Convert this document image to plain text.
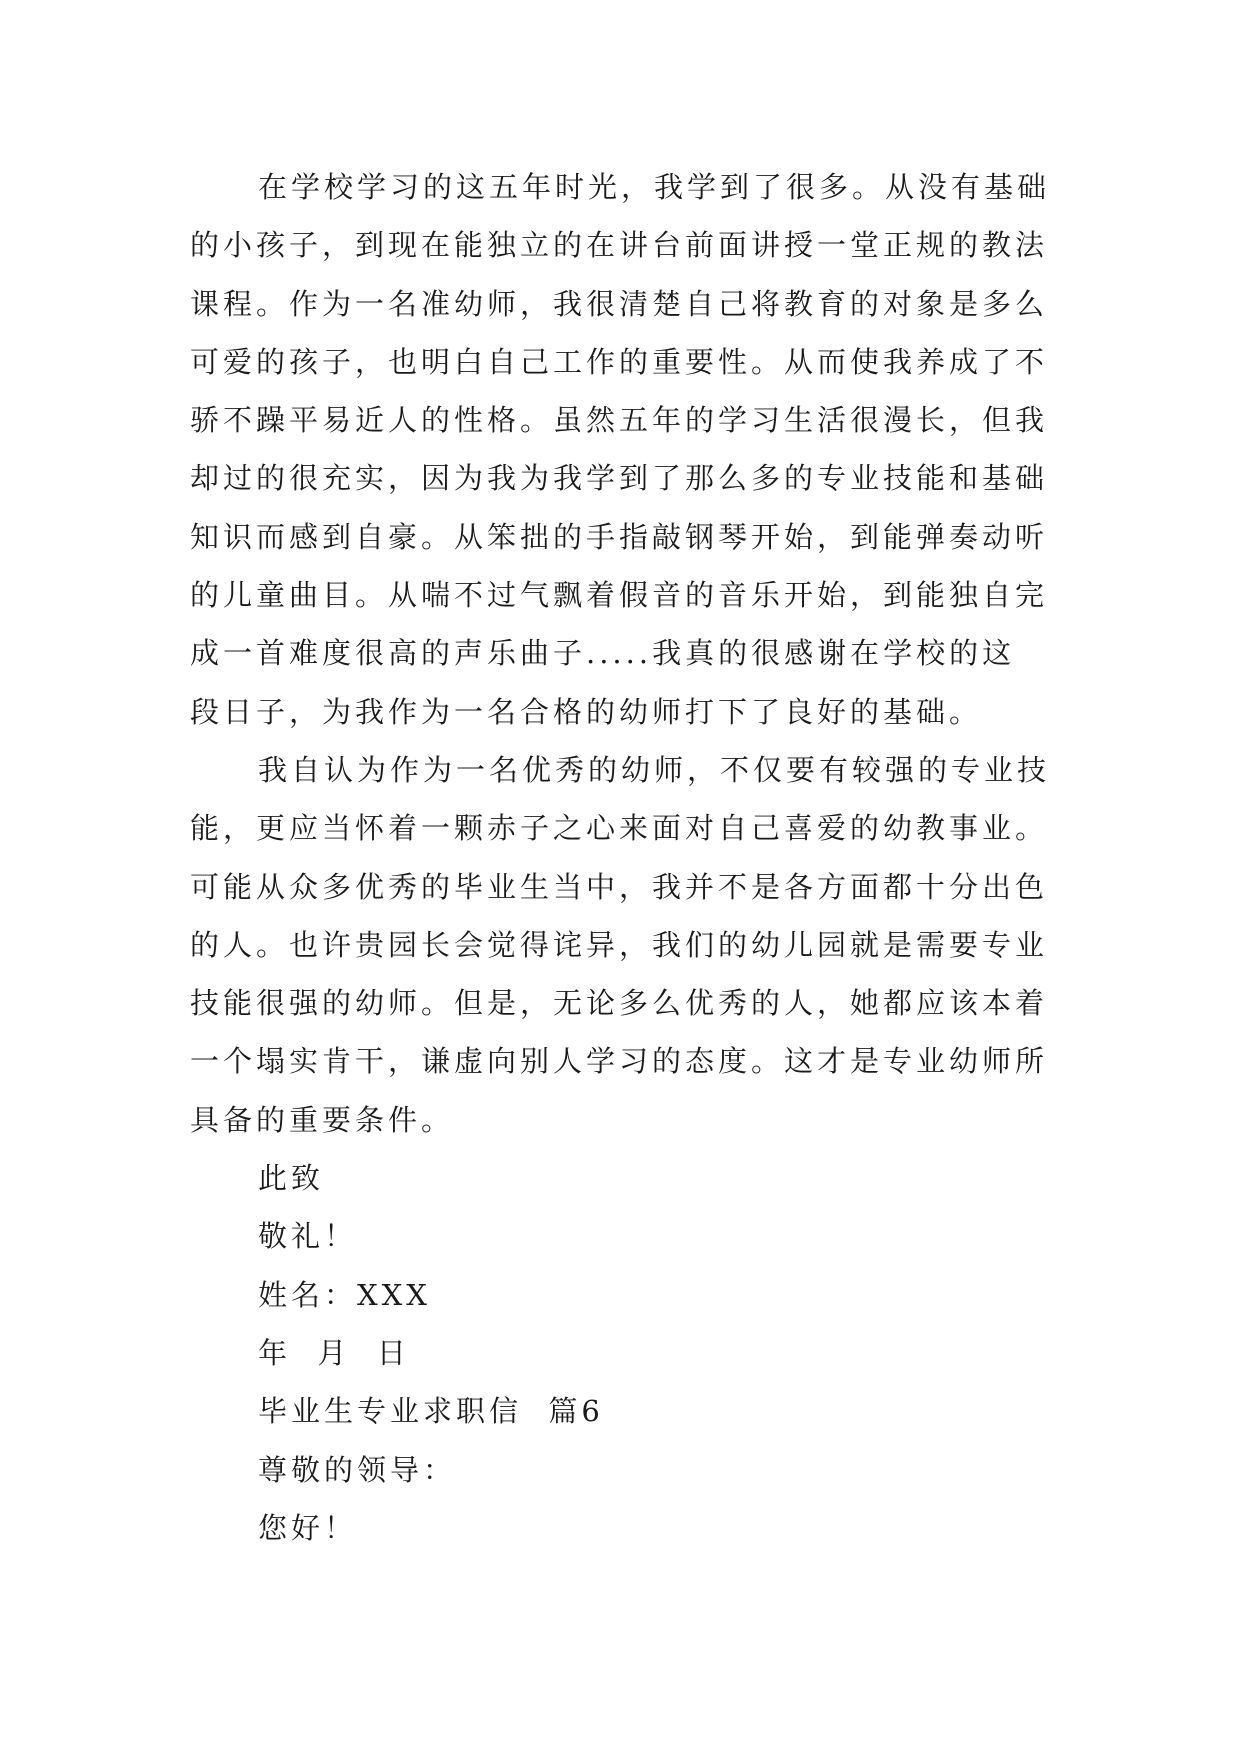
在学校学习的这五年时光，我学到了很多。从没有基础
的小孩子，到现在能独立的在讲台前面讲授一堂正规的教法
课程。作为一名准幼师，我很清楚自己将教育的对象是多么
可爱的孩子，也明白自己工作的重要性。从而使我养成了不
骄不躁平易近人的性格。虽然五年的学习生活很漫长，但我
却过的很充实，因为我为我学到了那么多的专业技能和基础
知识而感到自豪。从笨拙的手指敲钢琴开始，到能弹奏动听
的儿童曲目。从喘不过气飘着假音的音乐开始，到能独自完
成一首难度很高的声乐曲子.....我真的很感谢在学校的这
段日子，为我作为一名合格的幼师打下了良好的基础。
我自认为作为一名优秀的幼师，不仅要有较强的专业技
能，更应当怀着一颗赤子之心来面对自己喜爱的幼教事业。
可能从众多优秀的毕业生当中，我并不是各方面都十分出色
的人。也许贵园长会觉得诧异，我们的幼儿园就是需要专业
技能很强的幼师。但是，无论多么优秀的人，她都应该本着
一个塌实肯干，谦虚向别人学习的态度。这才是专业幼师所
具备的重要条件。
此致
敬礼！
姓名：XXX
年  月  日
毕业生专业求职信  篇6
尊敬的领导：
您好！
